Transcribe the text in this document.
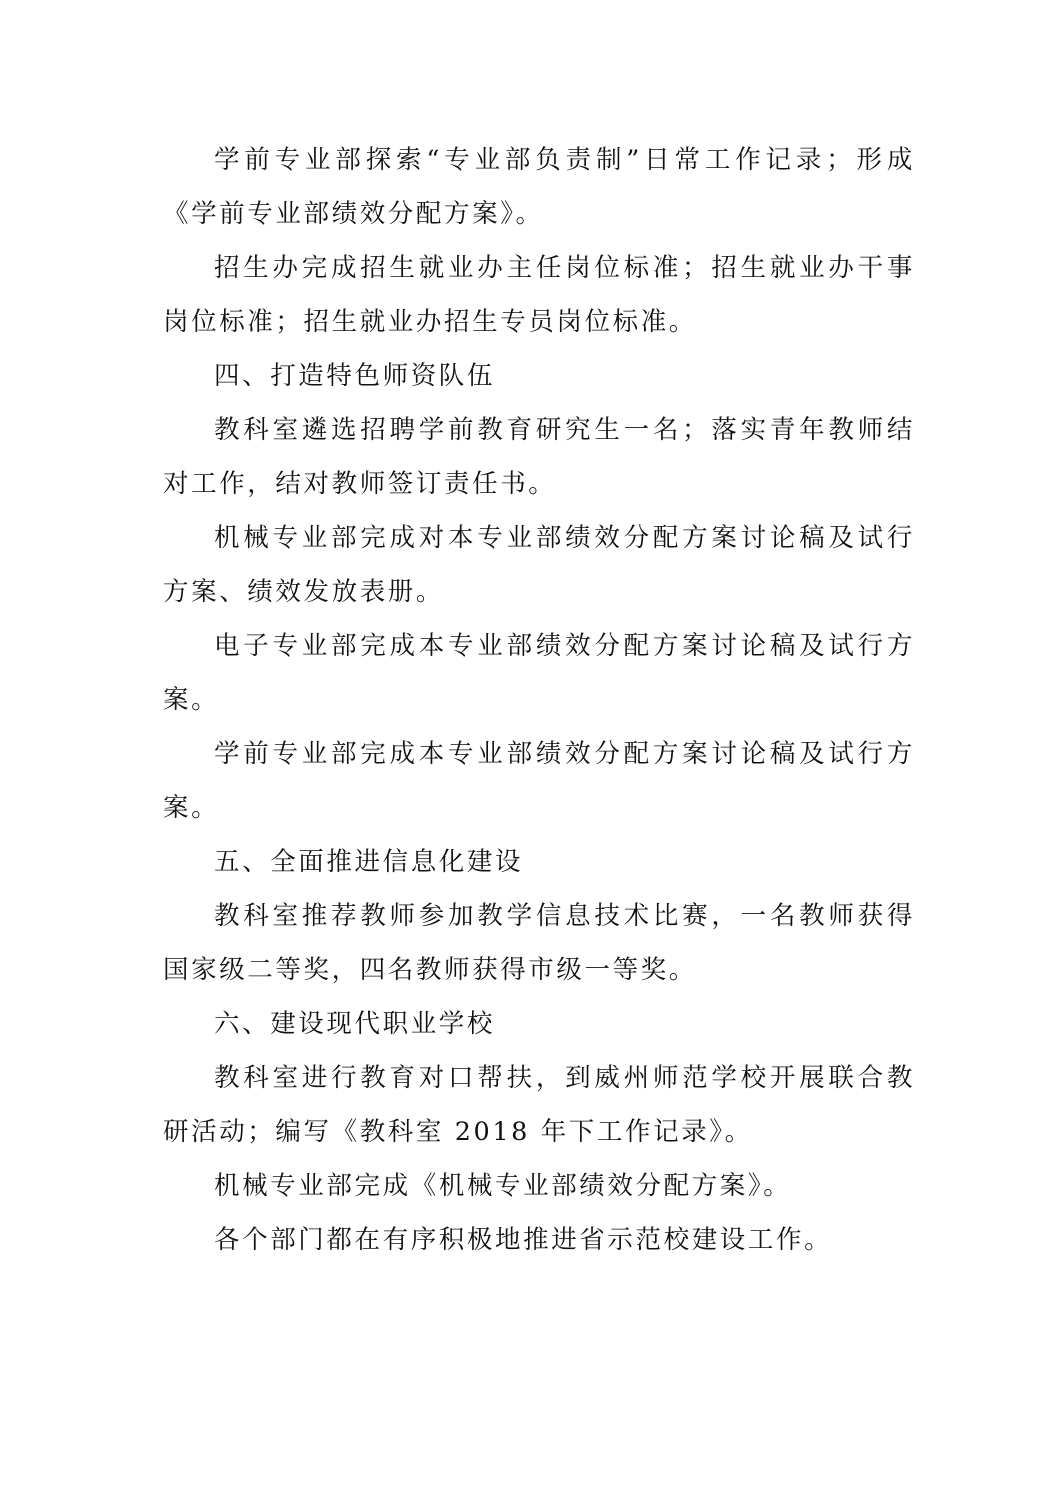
学前专业部探索“专业部负责制”日常工作记录；形成《学前专业部绩效分配方案》。

招生办完成招生就业办主任岗位标准；招生就业办干事岗位标准；招生就业办招生专员岗位标准。

四、打造特色师资队伍

教科室遴选招聘学前教育研究生一名；落实青年教师结对工作，结对教师签订责任书。

机械专业部完成对本专业部绩效分配方案讨论稿及试行方案、绩效发放表册。

电子专业部完成本专业部绩效分配方案讨论稿及试行方案。

学前专业部完成本专业部绩效分配方案讨论稿及试行方案。

五、全面推进信息化建设

教科室推荐教师参加教学信息技术比赛，一名教师获得国家级二等奖，四名教师获得市级一等奖。

六、建设现代职业学校

教科室进行教育对口帮扶，到威州师范学校开展联合教研活动；编写《教科室 2018 年下工作记录》。

机械专业部完成《机械专业部绩效分配方案》。

各个部门都在有序积极地推进省示范校建设工作。
